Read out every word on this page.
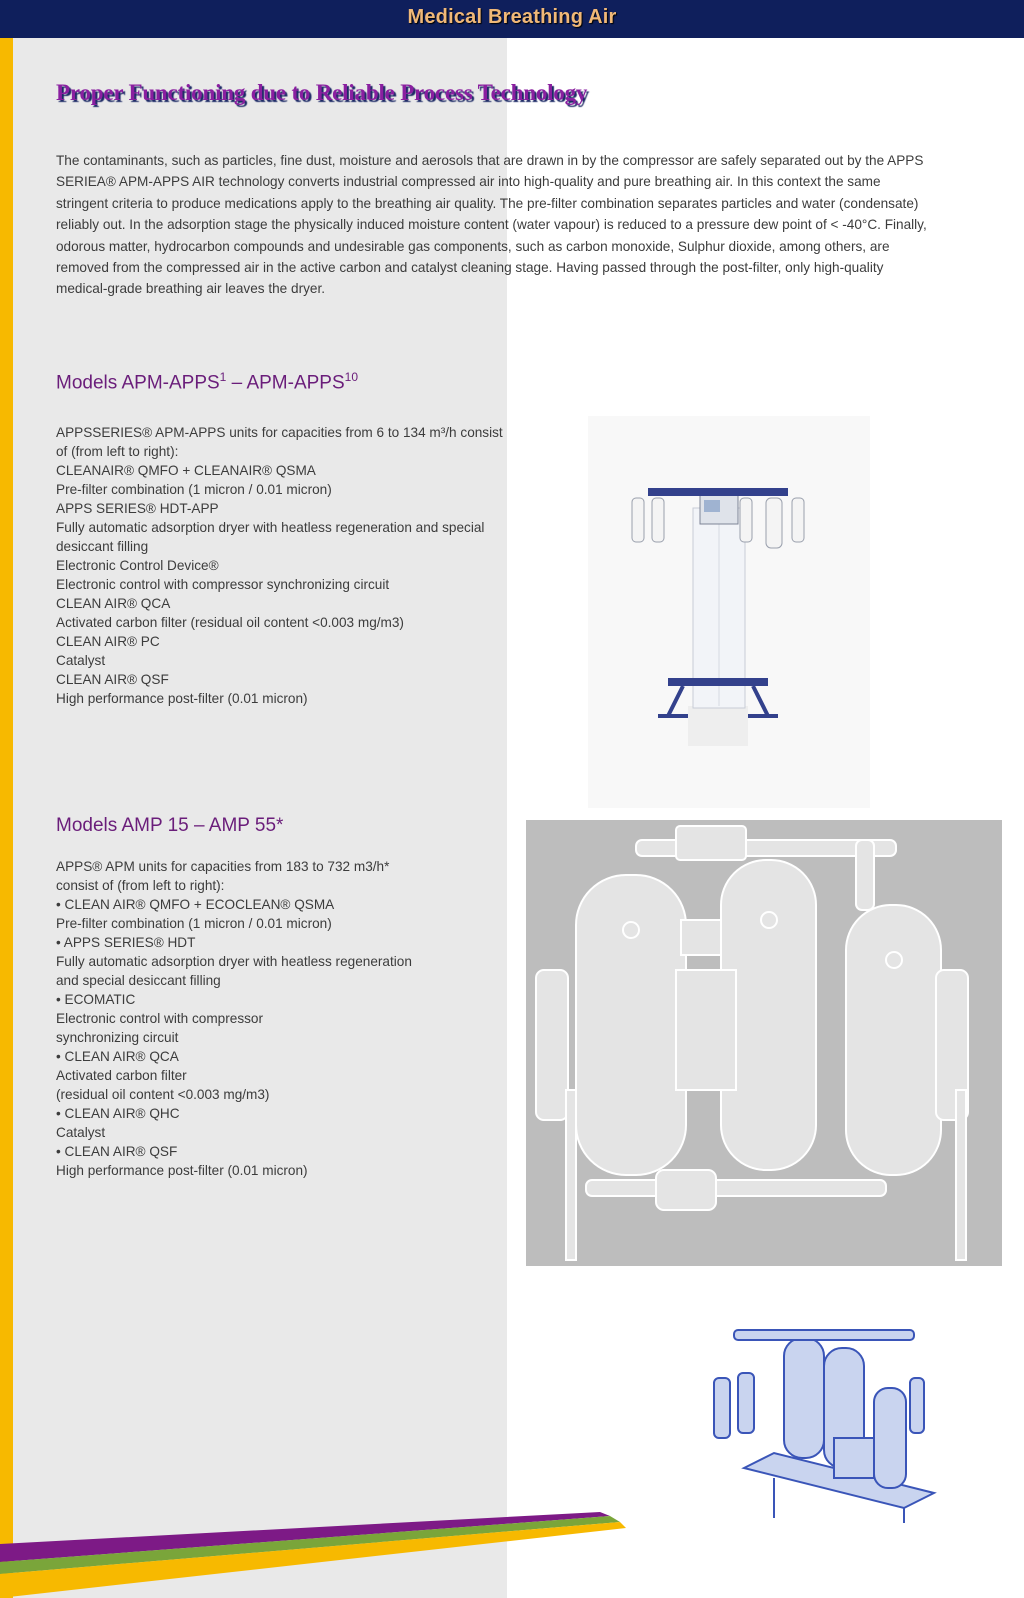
Medical Breathing Air
Proper Functioning due to Reliable Process Technology
The contaminants, such as particles, fine dust, moisture and aerosols that are drawn in by the compressor are safely separated out by the APPS SERIEA® APM-APPS AIR technology converts industrial compressed air into high-quality and pure breathing air. In this context the same stringent criteria to produce medications apply to the breathing air quality. The pre-filter combination separates particles and water (condensate) reliably out. In the adsorption stage the physically induced moisture content (water vapour) is reduced to a pressure dew point of < -40°C. Finally, odorous matter, hydrocarbon compounds and undesirable gas components, such as carbon monoxide, Sulphur dioxide, among others, are removed from the compressed air in the active carbon and catalyst cleaning stage. Having passed through the post-filter, only high-quality medical-grade breathing air leaves the dryer.
Models APM-APPS$^1$ – APM-APPS$^{10}$
APPSSERIES® APM-APPS units for capacities from 6 to 134 m³/h consist
of (from left to right):
CLEANAIR® QMFO + CLEANAIR® QSMA
Pre-filter combination (1 micron / 0.01 micron)
APPS SERIES® HDT-APP
Fully automatic adsorption dryer with heatless regeneration and special
desiccant filling
Electronic Control Device®
Electronic control with compressor synchronizing circuit
CLEAN AIR® QCA
Activated carbon filter (residual oil content <0.003 mg/m3)
CLEAN AIR® PC
Catalyst
CLEAN AIR® QSF
High performance post-filter (0.01 micron)
Models AMP 15 – AMP 55*
APPS® APM units for capacities from 183 to 732 m3/h*
consist of (from left to right):
• CLEAN AIR® QMFO + ECOCLEAN® QSMA
Pre-filter combination (1 micron / 0.01 micron)
• APPS SERIES® HDT
Fully automatic adsorption dryer with heatless regeneration
and special desiccant filling
• ECOMATIC
Electronic control with compressor
synchronizing circuit
• CLEAN AIR® QCA
Activated carbon filter
(residual oil content <0.003 mg/m3)
• CLEAN AIR® QHC
Catalyst
• CLEAN AIR® QSF
High performance post-filter (0.01 micron)
